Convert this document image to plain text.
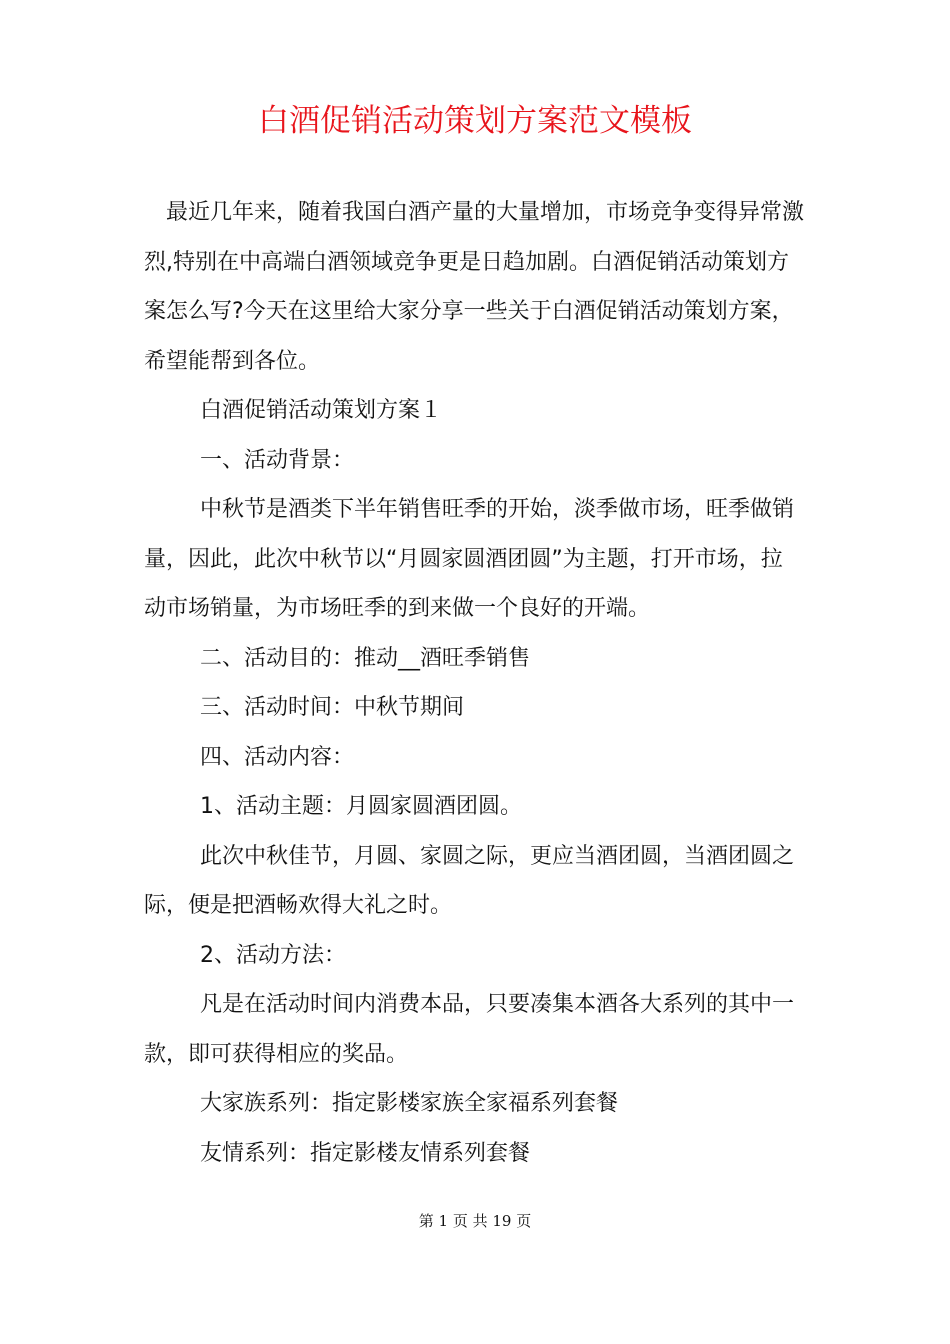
白酒促销活动策划方案范文模板

最近几年来，随着我国白酒产量的大量增加，市场竞争变得异常激
烈,特别在中高端白酒领域竞争更是日趋加剧。白酒促销活动策划方
案怎么写?今天在这里给大家分享一些关于白酒促销活动策划方案，
希望能帮到各位。

白酒促销活动策划方案１

一、活动背景：

中秋节是酒类下半年销售旺季的开始，淡季做市场，旺季做销
量，因此，此次中秋节以“月圆家圆酒团圆”为主题，打开市场，拉
动市场销量，为市场旺季的到来做一个良好的开端。

二、活动目的：推动__酒旺季销售

三、活动时间：中秋节期间

四、活动内容：

1、活动主题：月圆家圆酒团圆。

此次中秋佳节，月圆、家圆之际，更应当酒团圆，当酒团圆之
际，便是把酒畅欢得大礼之时。

2、活动方法：

凡是在活动时间内消费本品，只要凑集本酒各大系列的其中一
款，即可获得相应的奖品。

大家族系列：指定影楼家族全家福系列套餐

友情系列：指定影楼友情系列套餐

第 1 页 共 19 页
